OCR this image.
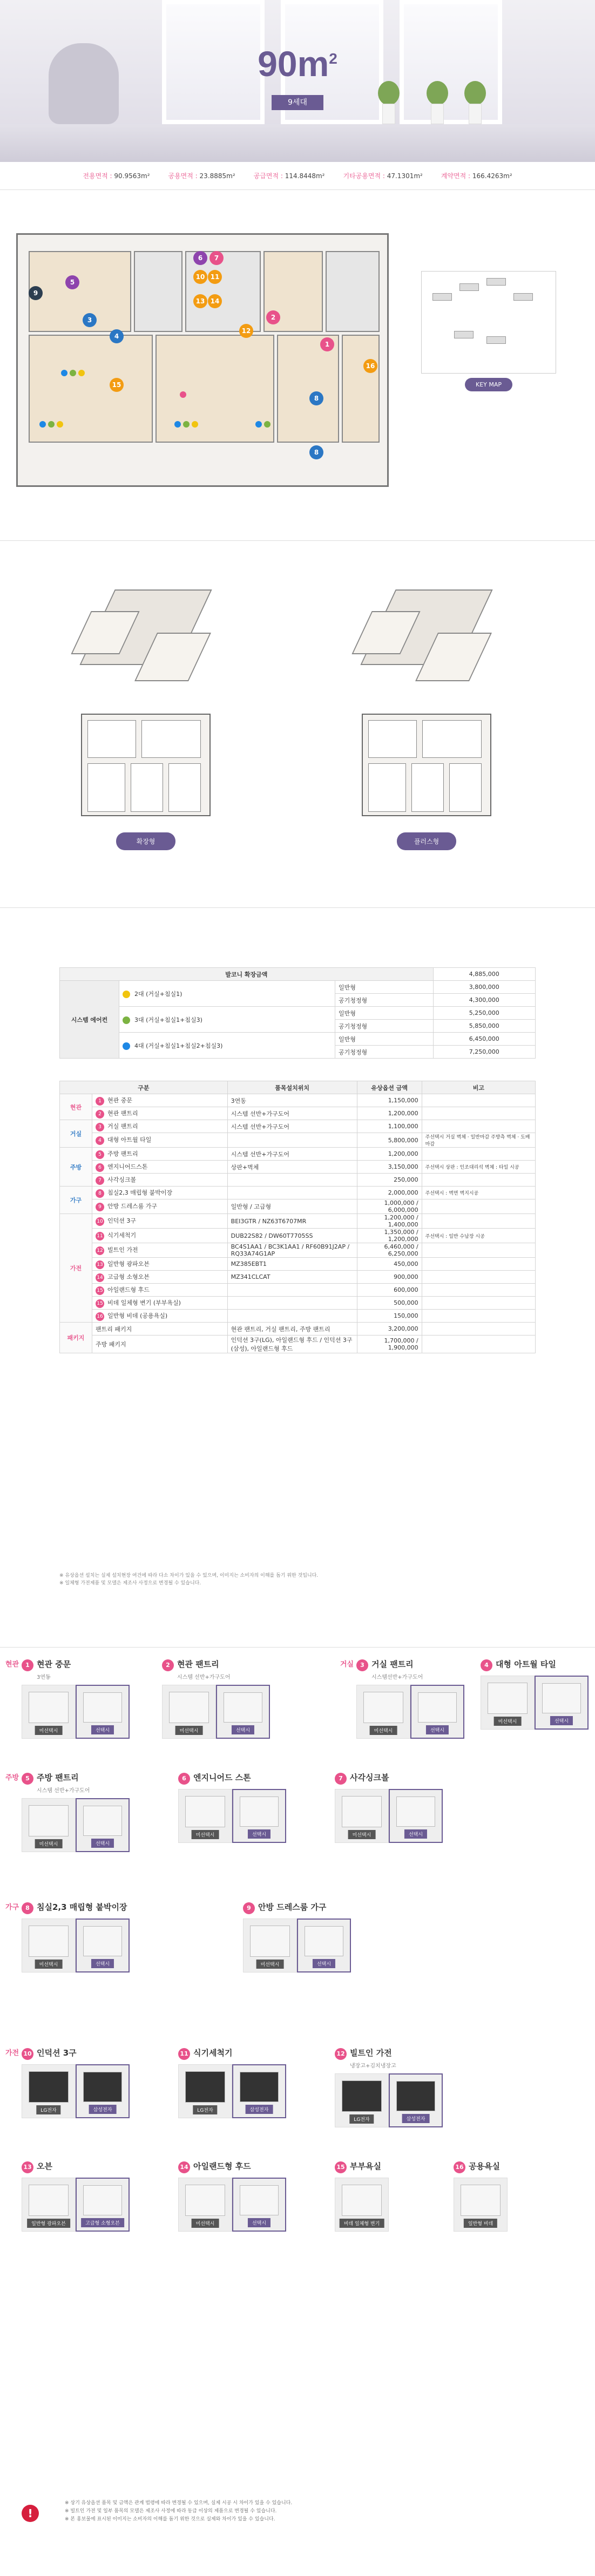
$90m^2$
9세대
전용면적 : 90.9563m²	공용면적 : 23.8885m²	공급면적 : 114.8448m²	기타공용면적 : 47.1301m²	계약면적 : 166.4263m²
5
9
3
4
15
6	7
10 11
13 14
12
2
1
16
8
8
KEY MAP
확장형	플러스형
발코니 확장금액			4,885,000
시스템 에어컨	2대 (거실+침실1)	일반형	3,800,000
		공기청정형	4,300,000
	3대 (거실+침실1+침실3)	일반형	5,250,000
		공기청정형	5,850,000
	4대 (거실+침실1+침실2+침실3)	일반형	6,450,000
		공기청정형	7,250,000
구분		품목설치위치	유상옵션 금액	비고
현관	1 현관 중문	3연동	1,150,000	
	2 현관 팬트리	시스템 선반+가구도어	1,200,000	
거실	3 거실 팬트리	시스템 선반+가구도어	1,100,000	
	4 대형 아트월 타일		5,800,000	주선택시 거실 벽체 · 일반마감 주방측 벽체 · 도배 마감
주방	5 주방 팬트리	시스템 선반+가구도어	1,200,000	
	6 엔지니어드스톤	상판+벽체	3,150,000	주선택시 상판 : 인조대리석 벽체 : 타일 시공
	7 사각싱크볼		250,000	
가구	8 침실2,3 매립형 붙박이장		2,000,000	주선택시 : 벽면 벽지시공
	9 안방 드레스룸 가구	일반형 / 고급형	1,000,000 / 6,000,000	
가전	10 인덕션 3구	BEI3GTR / NZ63T6707MR	1,200,000 / 1,400,000	
	11 식기세척기	DUB22S82 / DW60T7705SS	1,350,000 / 1,200,000	주선택시 : 일반 수납장 시공
	12 빌트인 가전	BC4S1AA1 / BC3K1AA1 / RF60B91J2AP / RQ33A74G1AP	6,460,000 / 6,250,000	
	13 일반형 광파오븐	MZ385EBT1	450,000	
	14 고급형 소형오븐	MZ341CLCAT	900,000	
	15 아일랜드형 후드		600,000	
	15 비데 일체형 변기 (부부욕실)		500,000	
	16 일반형 비데 (공용욕실)		150,000	
패키지	팬트리 패키지	현관 팬트리, 거실 팬트리, 주방 팬트리	3,200,000	
	주방 패키지	인덕션 3구(LG), 아일랜드형 후드 / 인덕션 3구(삼성), 아일랜드형 후드	1,700,000 / 1,900,000	

※ 유상옵션 설치는 실제 설치현장 여건에 따라 다소 차이가 있을 수 있으며, 이미지는 소비자의 이해를 돕기 위한 것입니다.

※ 일체형 가전제품 및 모델은 제조사 사정으로 변경될 수 있습니다.

현관	1 현관 중문
3연동
미선택시	선택시
2 현관 팬트리
시스템 선반+가구도어
미선택시	선택시
거실	3 거실 팬트리
시스템선반+가구도어
미선택시	선택시
4 대형 아트월 타일
미선택시	선택시
주방	5 주방 팬트리
시스템 선반+가구도어
미선택시	선택시
6 엔지니어드 스톤
미선택시	선택시
7 사각싱크볼
미선택시	선택시
가구	8 침실2,3 매립형 붙박이장
미선택시	선택시
9 안방 드레스룸 가구
미선택시	선택시
가전 10 인덕션 3구
LG전자	삼성전자
11 식기세척기
LG전자	삼성전자
12 빌트인 가전
냉장고+김치냉장고
LG전자	삼성전자
13 오븐
일반형 광파오븐	고급형 소형오븐
14 아일랜드형 후드
미선택시	선택시
15 부부욕실
비데 일체형 변기
16 공용욕실
일반형 비데
!

※ 상기 유상옵션 품목 및 금액은 관계 법령에 따라 변경될 수 있으며, 실제 시공 시 차이가 있을 수 있습니다.

※ 빌트인 가전 및 일부 품목의 모델은 제조사 사정에 따라 동급 이상의 제품으로 변경될 수 있습니다.

※ 본 홍보물에 표시된 이미지는 소비자의 이해를 돕기 위한 것으로 실제와 차이가 있을 수 있습니다.
